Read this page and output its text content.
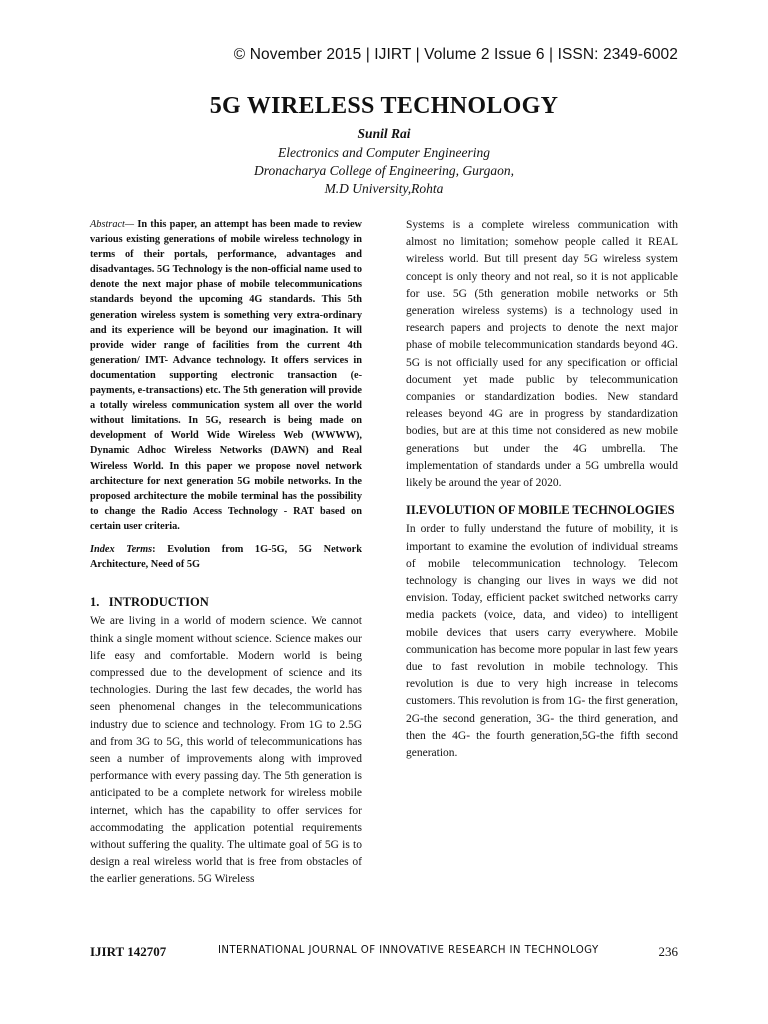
© November 2015 | IJIRT | Volume 2 Issue 6 | ISSN: 2349-6002
5G WIRELESS TECHNOLOGY
Sunil Rai
Electronics and Computer Engineering
Dronacharya College of Engineering, Gurgaon,
M.D University,Rohta

Abstract— In this paper, an attempt has been made to review various existing generations of mobile wireless technology in terms of their portals, performance, advantages and disadvantages. 5G Technology is the non-official name used to denote the next major phase of mobile telecommunications standards beyond the upcoming 4G standards. This 5th generation wireless system is something very extra-ordinary and its experience will be beyond our imagination. It will provide wider range of facilities from the current 4th generation/ IMT- Advance technology. It offers services in documentation supporting electronic transaction (e-payments, e-transactions) etc. The 5th generation will provide a totally wireless communication system all over the world without limitations. In 5G, research is being made on development of World Wide Wireless Web (WWWW), Dynamic Adhoc Wireless Networks (DAWN) and Real Wireless World. In this paper we propose novel network architecture for next generation 5G mobile networks. In the proposed architecture the mobile terminal has the possibility to change the Radio Access Technology - RAT based on certain user criteria.

Index Terms: Evolution from 1G-5G, 5G Network Architecture, Need of 5G

1.   INTRODUCTION

We are living in a world of modern science. We cannot think a single moment without science. Science makes our life easy and comfortable. Modern world is being compressed due to the development of science and its technologies. During the last few decades, the world has seen phenomenal changes in the telecommunications industry due to science and technology. From 1G to 2.5G and from 3G to 5G, this world of telecommunications has seen a number of improvements along with improved performance with every passing day. The 5th generation is anticipated to be a complete network for wireless mobile internet, which has the capability to offer services for accommodating the application potential requirements without suffering the quality. The ultimate goal of 5G is to design a real wireless world that is free from obstacles of the earlier generations. 5G Wireless

Systems is a complete wireless communication with almost no limitation; somehow people called it REAL wireless world. But till present day 5G wireless system concept is only theory and not real, so it is not applicable for use. 5G (5th generation mobile networks or 5th generation wireless systems) is a technology used in research papers and projects to denote the next major phase of mobile telecommunication standards beyond 4G. 5G is not officially used for any specification or official document yet made public by telecommunication companies or standardization bodies. New standard releases beyond 4G are in progress by standardization bodies, but are at this time not considered as new mobile generations but under the 4G umbrella. The implementation of standards under a 5G umbrella would likely be around the year of 2020.

II.EVOLUTION OF MOBILE TECHNOLOGIES

In order to fully understand the future of mobility, it is important to examine the evolution of individual streams of mobile telecommunication technology. Telecom technology is changing our lives in ways we did not envision. Today, efficient packet switched networks carry media packets (voice, data, and video) to intelligent mobile devices that users carry everywhere. Mobile communication has become more popular in last few years due to fast revolution in mobile technology. This revolution is due to very high increase in telecoms customers. This revolution is from 1G- the first generation, 2G-the second generation, 3G- the third generation, and then the 4G- the fourth generation,5G-the fifth second generation.

IJIRT 142707	INTERNATIONAL JOURNAL OF INNOVATIVE RESEARCH IN TECHNOLOGY	236
